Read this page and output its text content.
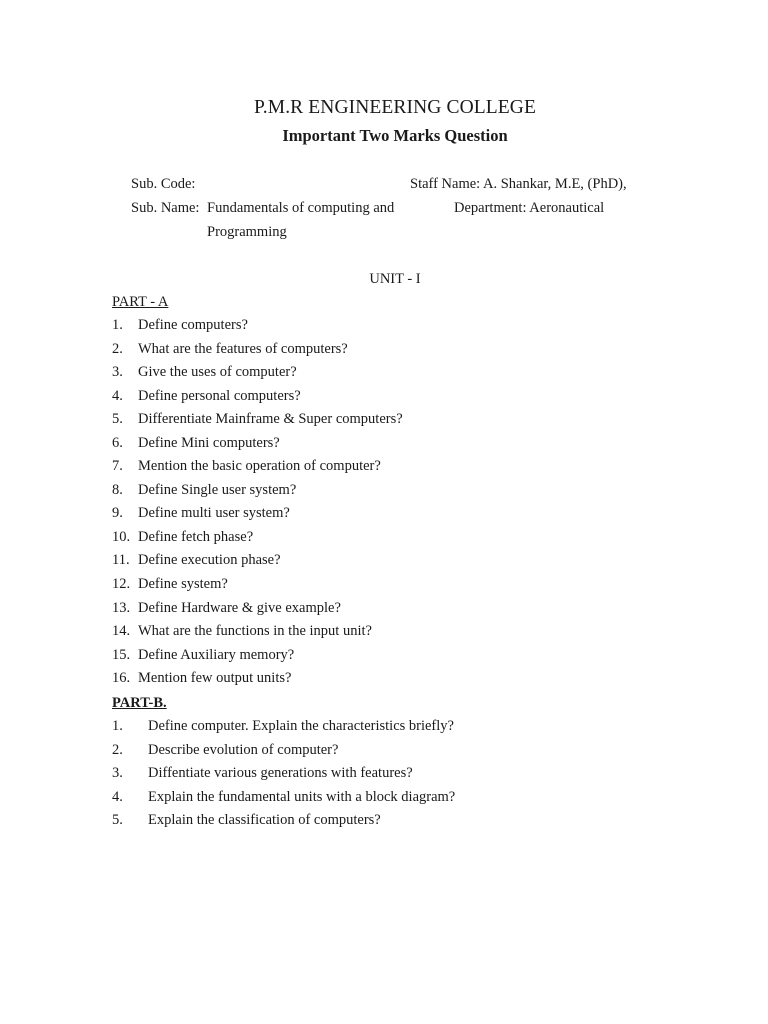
P.M.R ENGINEERING COLLEGE
Important Two Marks Question
Sub. Code:	Staff Name: A. Shankar, M.E, (PhD),
Sub. Name: Fundamentals of computing and	Department: Aeronautical
Programming
UNIT - I
PART - A
1.	Define computers?
2.	What are the features of computers?
3.	Give the uses of computer?
4.	Define personal computers?
5.	Differentiate Mainframe & Super computers?
6.	Define Mini computers?
7.	Mention the basic operation of computer?
8.	Define Single user system?
9.	Define multi user system?
10. Define fetch phase?
11. Define execution phase?
12. Define system?
13. Define Hardware & give example?
14. What are the functions in the input unit?
15. Define Auxiliary memory?
16. Mention few output units?
PART-B.
1.	Define computer. Explain the characteristics briefly?
2.	Describe evolution of computer?
3.	Diffentiate various generations with features?
4.	Explain the fundamental units with a block diagram?
5.	Explain the classification of computers?
